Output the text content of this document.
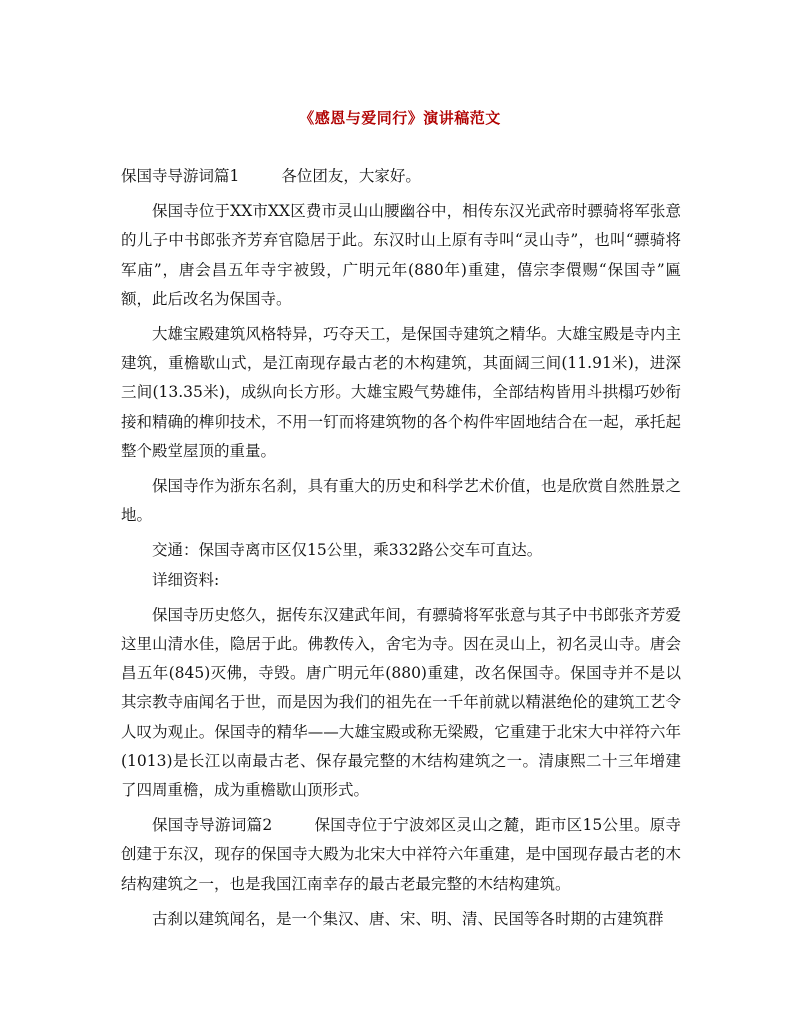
《感恩与爱同行》演讲稿范文

保国寺导游词篇1	各位团友，大家好。

保国寺位于XX市XX区费市灵山山腰幽谷中，相传东汉光武帝时骠骑将军张意的儿子中书郎张齐芳弃官隐居于此。东汉时山上原有寺叫“灵山寺”，也叫“骠骑将军庙”，唐会昌五年寺宇被毁，广明元年(880年)重建，僖宗李儇赐“保国寺”匾额，此后改名为保国寺。

大雄宝殿建筑风格特异，巧夺天工，是保国寺建筑之精华。大雄宝殿是寺内主建筑，重檐歇山式，是江南现存最古老的木构建筑，其面阔三间(11.91米)，进深三间(13.35米)，成纵向长方形。大雄宝殿气势雄伟，全部结构皆用斗拱榻巧妙衔接和精确的榫卯技术，不用一钉而将建筑物的各个构件牢固地结合在一起，承托起整个殿堂屋顶的重量。

保国寺作为浙东名刹，具有重大的历史和科学艺术价值，也是欣赏自然胜景之地。

交通：保国寺离市区仅15公里，乘332路公交车可直达。

详细资料:

保国寺历史悠久，据传东汉建武年间，有骠骑将军张意与其子中书郎张齐芳爱这里山清水佳，隐居于此。佛教传入，舍宅为寺。因在灵山上，初名灵山寺。唐会昌五年(845)灭佛，寺毁。唐广明元年(880)重建，改名保国寺。保国寺并不是以其宗教寺庙闻名于世，而是因为我们的祖先在一千年前就以精湛绝伦的建筑工艺令人叹为观止。保国寺的精华——大雄宝殿或称无梁殿，它重建于北宋大中祥符六年(1013)是长江以南最古老、保存最完整的木结构建筑之一。清康熙二十三年增建了四周重檐，成为重檐歇山顶形式。

保国寺导游词篇2	保国寺位于宁波郊区灵山之麓，距市区15公里。原寺创建于东汉，现存的保国寺大殿为北宋大中祥符六年重建，是中国现存最古老的木结构建筑之一，也是我国江南幸存的最古老最完整的木结构建筑。

古刹以建筑闻名，是一个集汉、唐、宋、明、清、民国等各时期的古建筑群
